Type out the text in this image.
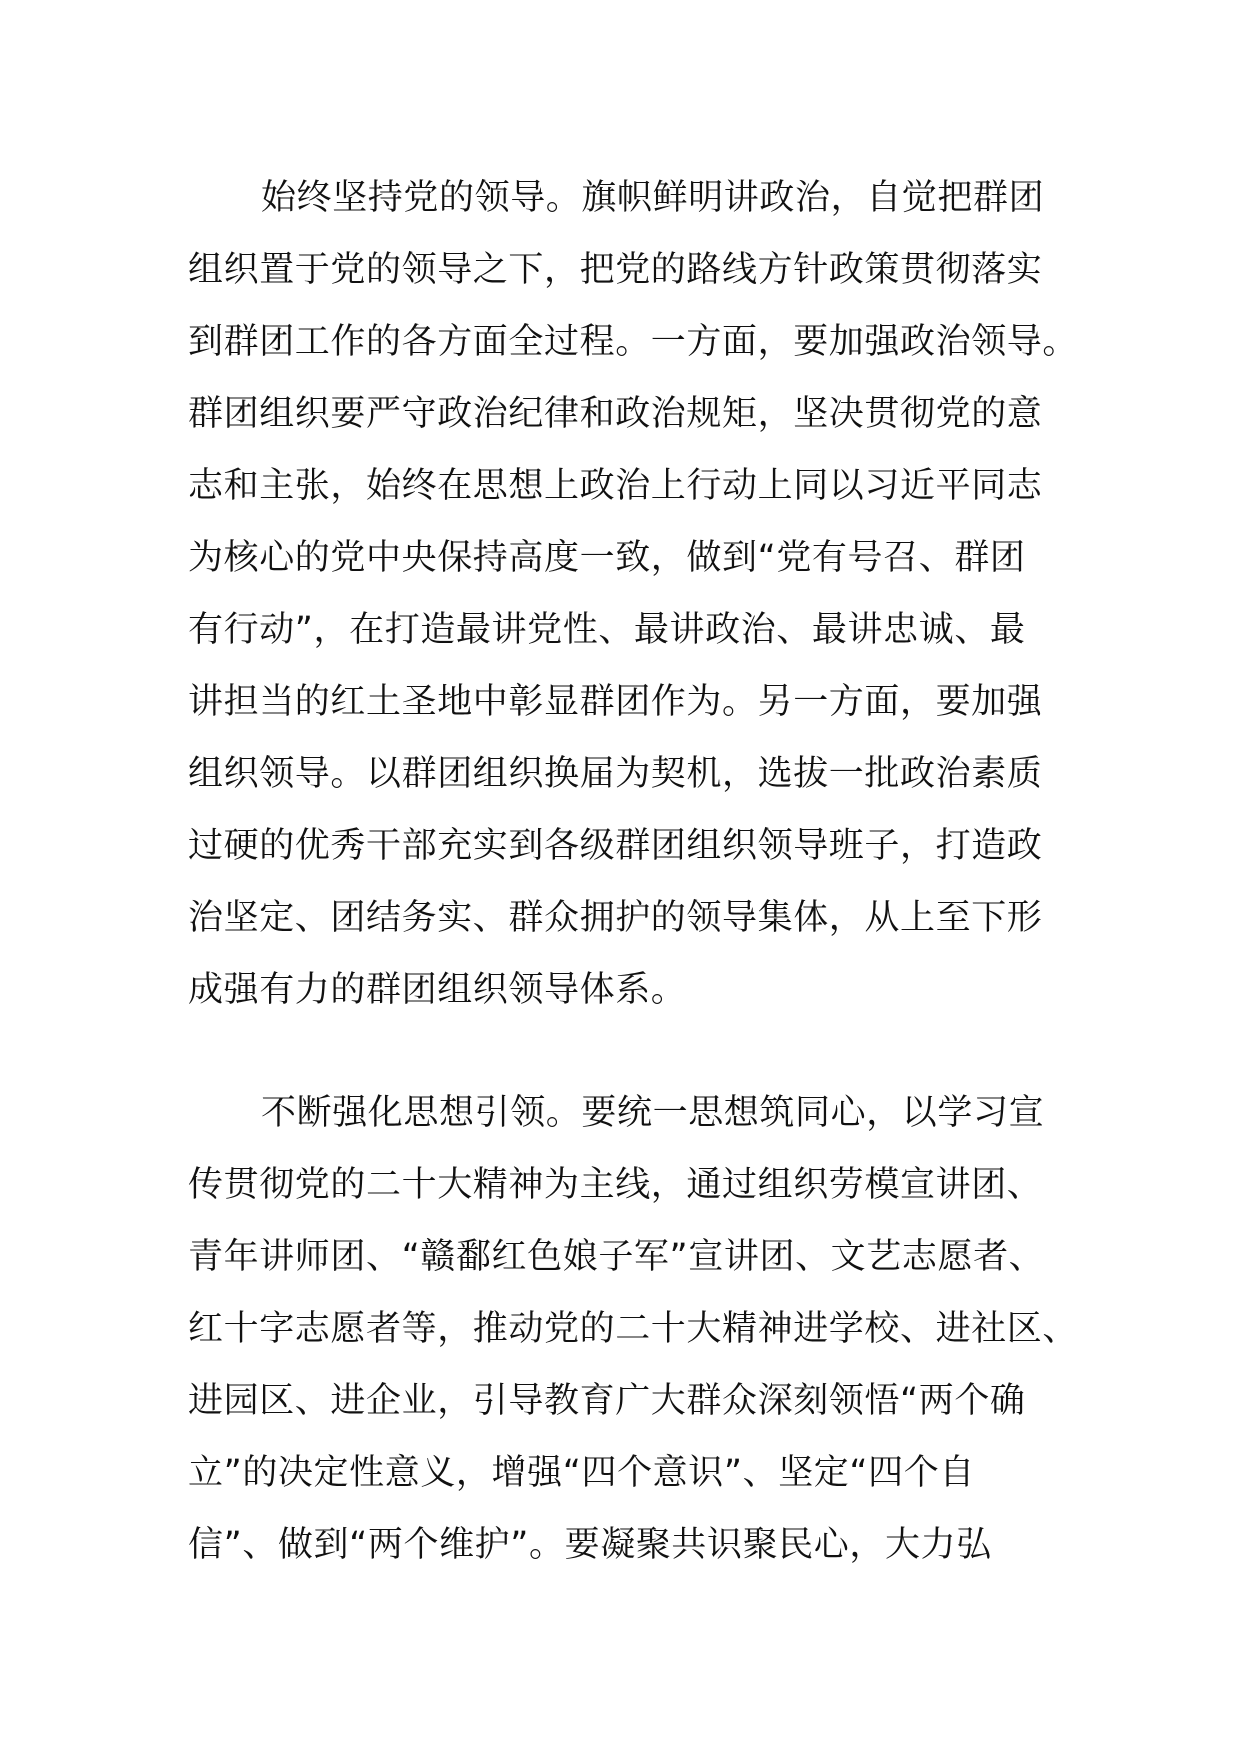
始终坚持党的领导。旗帜鲜明讲政治，自觉把群团
组织置于党的领导之下，把党的路线方针政策贯彻落实
到群团工作的各方面全过程。一方面，要加强政治领导。
群团组织要严守政治纪律和政治规矩，坚决贯彻党的意
志和主张，始终在思想上政治上行动上同以习近平同志
为核心的党中央保持高度一致，做到“党有号召、群团
有行动”，在打造最讲党性、最讲政治、最讲忠诚、最
讲担当的红土圣地中彰显群团作为。另一方面，要加强
组织领导。以群团组织换届为契机，选拔一批政治素质
过硬的优秀干部充实到各级群团组织领导班子，打造政
治坚定、团结务实、群众拥护的领导集体，从上至下形
成强有力的群团组织领导体系。
不断强化思想引领。要统一思想筑同心，以学习宣
传贯彻党的二十大精神为主线，通过组织劳模宣讲团、
青年讲师团、“赣鄱红色娘子军”宣讲团、文艺志愿者、
红十字志愿者等，推动党的二十大精神进学校、进社区、
进园区、进企业，引导教育广大群众深刻领悟“两个确
立”的决定性意义，增强“四个意识”、坚定“四个自
信”、做到“两个维护”。要凝聚共识聚民心，大力弘
